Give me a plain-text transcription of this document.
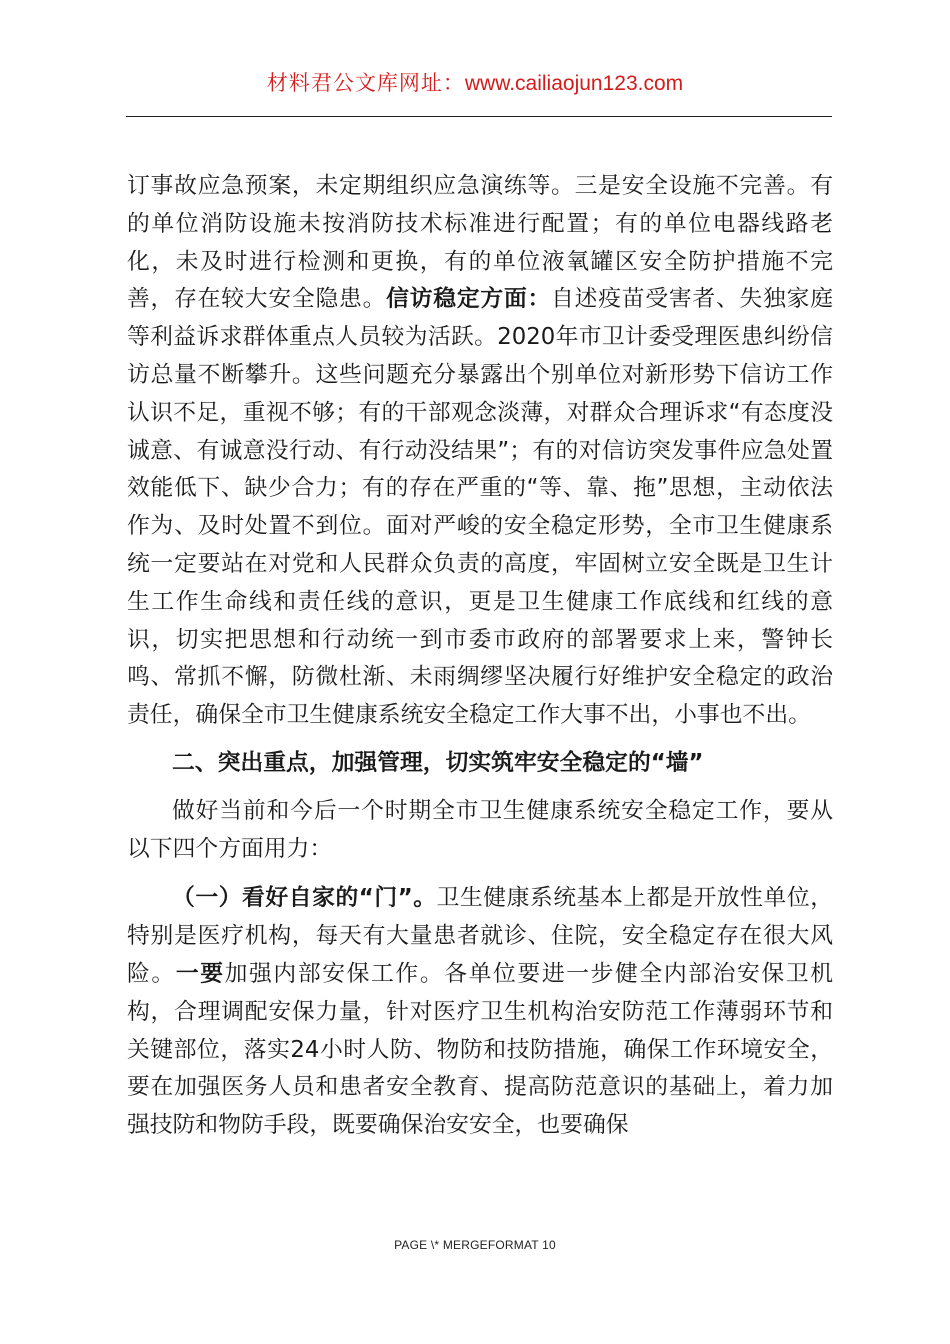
材料君公文库网址：www.cailiaojun123.com

订事故应急预案，未定期组织应急演练等。三是安全设施不完善。有的单位消防设施未按消防技术标准进行配置；有的单位电器线路老化，未及时进行检测和更换，有的单位液氧罐区安全防护措施不完善，存在较大安全隐患。信访稳定方面：自述疫苗受害者、失独家庭等利益诉求群体重点人员较为活跃。2020年市卫计委受理医患纠纷信访总量不断攀升。这些问题充分暴露出个别单位对新形势下信访工作认识不足，重视不够；有的干部观念淡薄，对群众合理诉求“有态度没诚意、有诚意没行动、有行动没结果”；有的对信访突发事件应急处置效能低下、缺少合力；有的存在严重的“等、靠、拖”思想，主动依法作为、及时处置不到位。面对严峻的安全稳定形势，全市卫生健康系统一定要站在对党和人民群众负责的高度，牢固树立安全既是卫生计生工作生命线和责任线的意识，更是卫生健康工作底线和红线的意识，切实把思想和行动统一到市委市政府的部署要求上来，警钟长鸣、常抓不懈，防微杜渐、未雨绸缪坚决履行好维护安全稳定的政治责任，确保全市卫生健康系统安全稳定工作大事不出，小事也不出。

二、突出重点，加强管理，切实筑牢安全稳定的“墙”

做好当前和今后一个时期全市卫生健康系统安全稳定工作，要从以下四个方面用力：

（一）看好自家的“门”。卫生健康系统基本上都是开放性单位，特别是医疗机构，每天有大量患者就诊、住院，安全稳定存在很大风险。一要加强内部安保工作。各单位要进一步健全内部治安保卫机构，合理调配安保力量，针对医疗卫生机构治安防范工作薄弱环节和关键部位，落实24小时人防、物防和技防措施，确保工作环境安全，要在加强医务人员和患者安全教育、提高防范意识的基础上，着力加强技防和物防手段，既要确保治安安全，也要确保

PAGE \* MERGEFORMAT 10
